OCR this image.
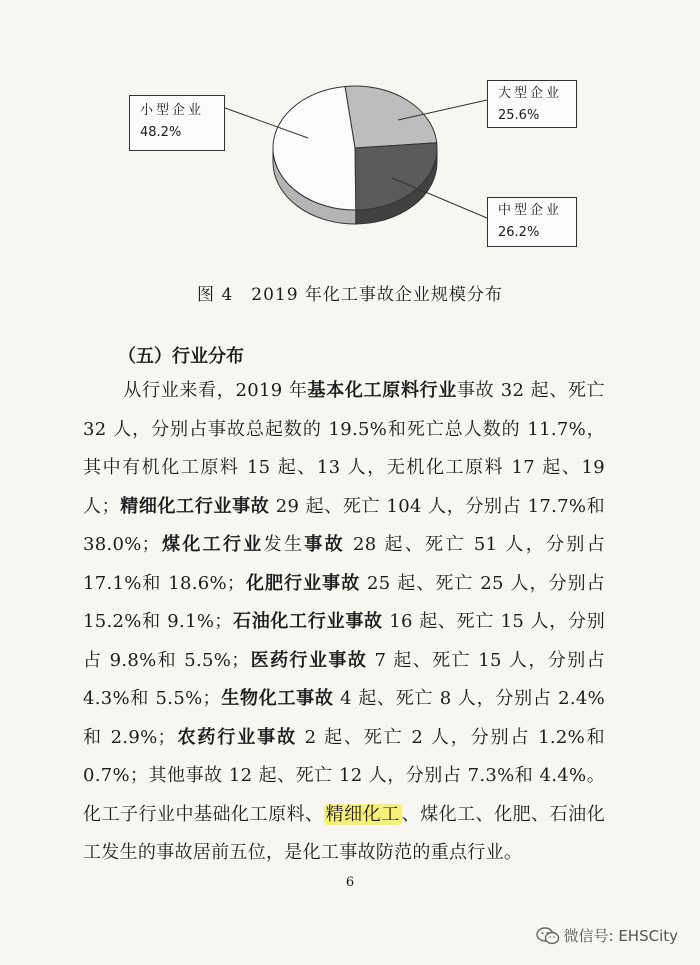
小型企业
48.2%
大型企业
25.6%
中型企业
26.2%
图 4　2019 年化工事故企业规模分布
（五）行业分布
从行业来看，2019 年基本化工原料行业事故 32 起、死亡 32 人，分别占事故总起数的 19.5%和死亡总人数的 11.7%，其中有机化工原料 15 起、13 人，无机化工原料 17 起、19 人；精细化工行业事故 29 起、死亡 104 人，分别占 17.7%和 38.0%；煤化工行业发生事故 28 起、死亡 51 人，分别占 17.1%和 18.6%；化肥行业事故 25 起、死亡 25 人，分别占 15.2%和 9.1%；石油化工行业事故 16 起、死亡 15 人，分别占 9.8%和 5.5%；医药行业事故 7 起、死亡 15 人，分别占 4.3%和 5.5%；生物化工事故 4 起、死亡 8 人，分别占 2.4%和 2.9%；农药行业事故 2 起、死亡 2 人，分别占 1.2%和 0.7%；其他事故 12 起、死亡 12 人，分别占 7.3%和 4.4%。化工子行业中基础化工原料、 精细化工 、煤化工、化肥、石油化工发生的事故居前五位，是化工事故防范的重点行业。
6
微信号: EHSCity
